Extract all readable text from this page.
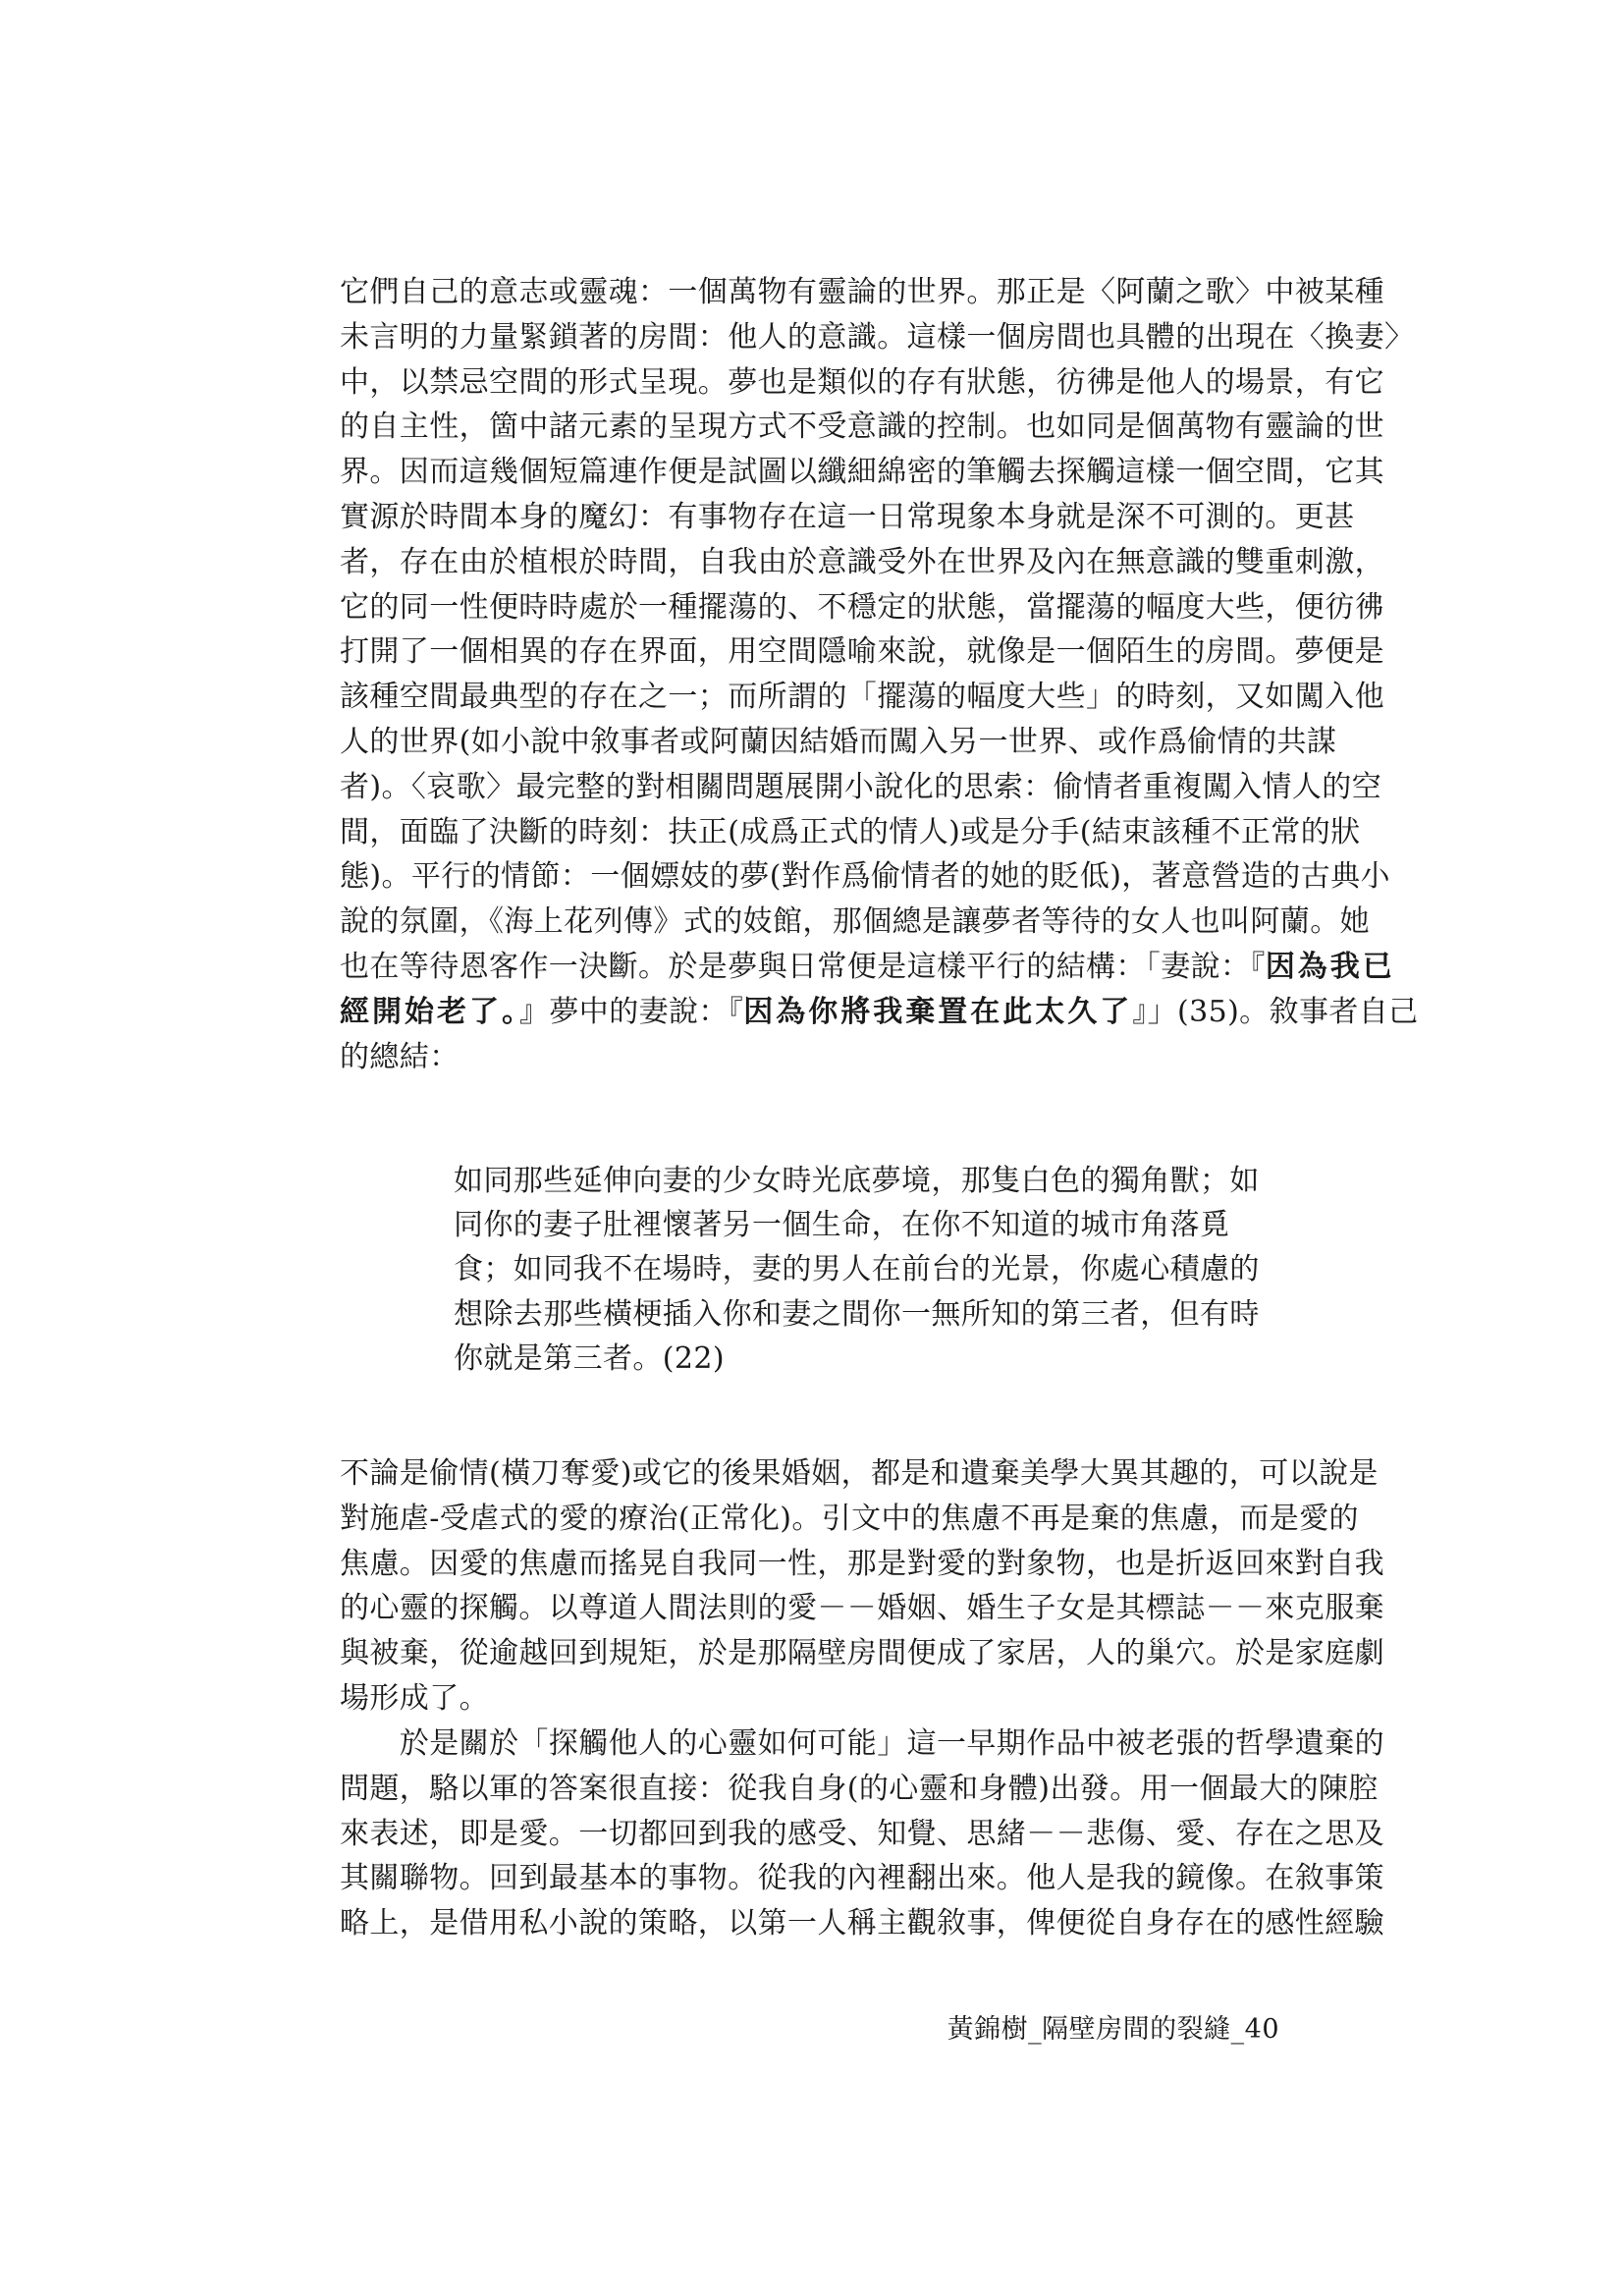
它們自己的意志或靈魂：一個萬物有靈論的世界。那正是〈阿蘭之歌〉中被某種
未言明的力量緊鎖著的房間：他人的意識。這樣一個房間也具體的出現在〈換妻〉
中，以禁忌空間的形式呈現。夢也是類似的存有狀態，彷彿是他人的場景，有它
的自主性，箇中諸元素的呈現方式不受意識的控制。也如同是個萬物有靈論的世
界。因而這幾個短篇連作便是試圖以纖細綿密的筆觸去探觸這樣一個空間，它其
實源於時間本身的魔幻：有事物存在這一日常現象本身就是深不可測的。更甚
者，存在由於植根於時間，自我由於意識受外在世界及內在無意識的雙重刺激，
它的同一性便時時處於一種擺蕩的、不穩定的狀態，當擺蕩的幅度大些，便彷彿
打開了一個相異的存在界面，用空間隱喻來說，就像是一個陌生的房間。夢便是
該種空間最典型的存在之一；而所謂的「擺蕩的幅度大些」的時刻，又如闖入他
人的世界(如小說中敘事者或阿蘭因結婚而闖入另一世界、或作爲偷情的共謀
者)。〈哀歌〉最完整的對相關問題展開小說化的思索：偷情者重複闖入情人的空
間，面臨了決斷的時刻：扶正(成爲正式的情人)或是分手(結束該種不正常的狀
態)。平行的情節：一個嫖妓的夢(對作爲偷情者的她的貶低)，著意營造的古典小
說的氛圍，《海上花列傳》式的妓館，那個總是讓夢者等待的女人也叫阿蘭。她
也在等待恩客作一決斷。於是夢與日常便是這樣平行的結構：「妻說：『因為我已
經開始老了。』夢中的妻說：『因為你將我棄置在此太久了』」(35)。敘事者自己
的總結：
如同那些延伸向妻的少女時光底夢境，那隻白色的獨角獸；如
同你的妻子肚裡懷著另一個生命，在你不知道的城市角落覓
食；如同我不在場時，妻的男人在前台的光景，你處心積慮的
想除去那些橫梗插入你和妻之間你一無所知的第三者，但有時
你就是第三者。(22)
不論是偷情(橫刀奪愛)或它的後果婚姻，都是和遺棄美學大異其趣的，可以說是
對施虐-受虐式的愛的療治(正常化)。引文中的焦慮不再是棄的焦慮，而是愛的
焦慮。因愛的焦慮而搖晃自我同一性，那是對愛的對象物，也是折返回來對自我
的心靈的探觸。以尊道人間法則的愛－－婚姻、婚生子女是其標誌－－來克服棄
與被棄，從逾越回到規矩，於是那隔壁房間便成了家居，人的巢穴。於是家庭劇
場形成了。
　　於是關於「探觸他人的心靈如何可能」這一早期作品中被老張的哲學遺棄的
問題，駱以軍的答案很直接：從我自身(的心靈和身體)出發。用一個最大的陳腔
來表述，即是愛。一切都回到我的感受、知覺、思緒－－悲傷、愛、存在之思及
其關聯物。回到最基本的事物。從我的內裡翻出來。他人是我的鏡像。在敘事策
略上，是借用私小說的策略，以第一人稱主觀敘事，俾便從自身存在的感性經驗
黃錦樹_隔壁房間的裂縫_40
